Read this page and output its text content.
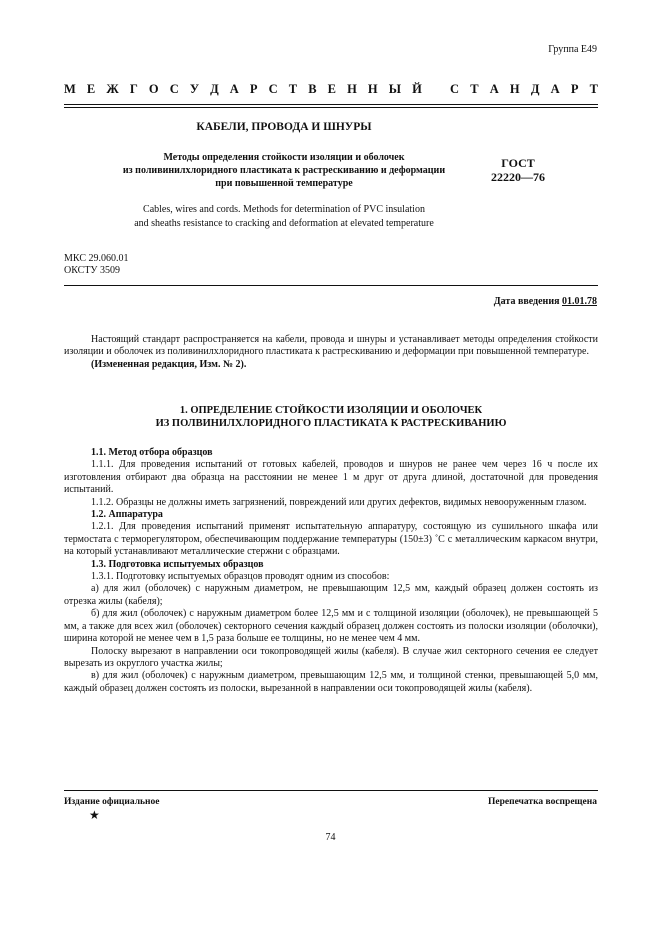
Группа Е49
М Е Ж Г О С У Д А Р С Т В Е Н Н Ы Й С Т А Н Д А Р Т
КАБЕЛИ, ПРОВОДА И ШНУРЫ
Методы определения стойкости изоляции и оболочек
из поливинилхлоридного пластиката к растрескиванию и деформации
при повышенной температуре
ГОСТ
22220—76
Cables, wires and cords. Methods for determination of PVC insulation
and sheaths resistance to cracking and deformation at elevated temperature
МКС 29.060.01
ОКСТУ 3509
Дата введения 01.01.78

Настоящий стандарт распространяется на кабели, провода и шнуры и устанавливает методы определения стойкости изоляции и оболочек из поливинилхлоридного пластиката к растрескиванию и деформации при повышенной температуре.

(Измененная редакция, Изм. № 2).

1. ОПРЕДЕЛЕНИЕ СТОЙКОСТИ ИЗОЛЯЦИИ И ОБОЛОЧЕК
ИЗ ПОЛВИНИЛХЛОРИДНОГО ПЛАСТИКАТА К РАСТРЕСКИВАНИЮ

1.1. Метод отбора образцов

1.1.1. Для проведения испытаний от готовых кабелей, проводов и шнуров не ранее чем через 16 ч после их изготовления отбирают два образца на расстоянии не менее 1 м друг от друга длиной, достаточной для проведения испытаний.

1.1.2. Образцы не должны иметь загрязнений, повреждений или других дефектов, видимых невооруженным глазом.

1.2. Аппаратура

1.2.1. Для проведения испытаний применят испытательную аппаратуру, состоящую из сушильного шкафа или термостата с терморегулятором, обеспечивающим поддержание температуры (150±3) ˚С с металлическим каркасом внутри, на который устанавливают металлические стержни с образцами.

1.3. Подготовка испытуемых образцов

1.3.1. Подготовку испытуемых образцов проводят одним из способов:

а) для жил (оболочек) с наружным диаметром, не превышающим 12,5 мм, каждый образец должен состоять из отрезка жилы (кабеля);

б) для жил (оболочек) с наружным диаметром более 12,5 мм и с толщиной изоляции (оболочек), не превышающей 5 мм, а также для всех жил (оболочек) секторного сечения каждый образец должен состоять из полоски изоляции (оболочки), ширина которой не менее чем в 1,5 раза больше ее толщины, но не менее чем 4 мм.

Полоску вырезают в направлении оси токопроводящей жилы (кабеля). В случае жил секторного сечения ее следует вырезать из округлого участка жилы;

в) для жил (оболочек) с наружным диаметром, превышающим 12,5 мм, и толщиной стенки, превышающей 5,0 мм, каждый образец должен состоять из полоски, вырезанной в направлении оси токопроводящей жилы (кабеля).

Издание официальное	Перепечатка воспрещена
★
74
